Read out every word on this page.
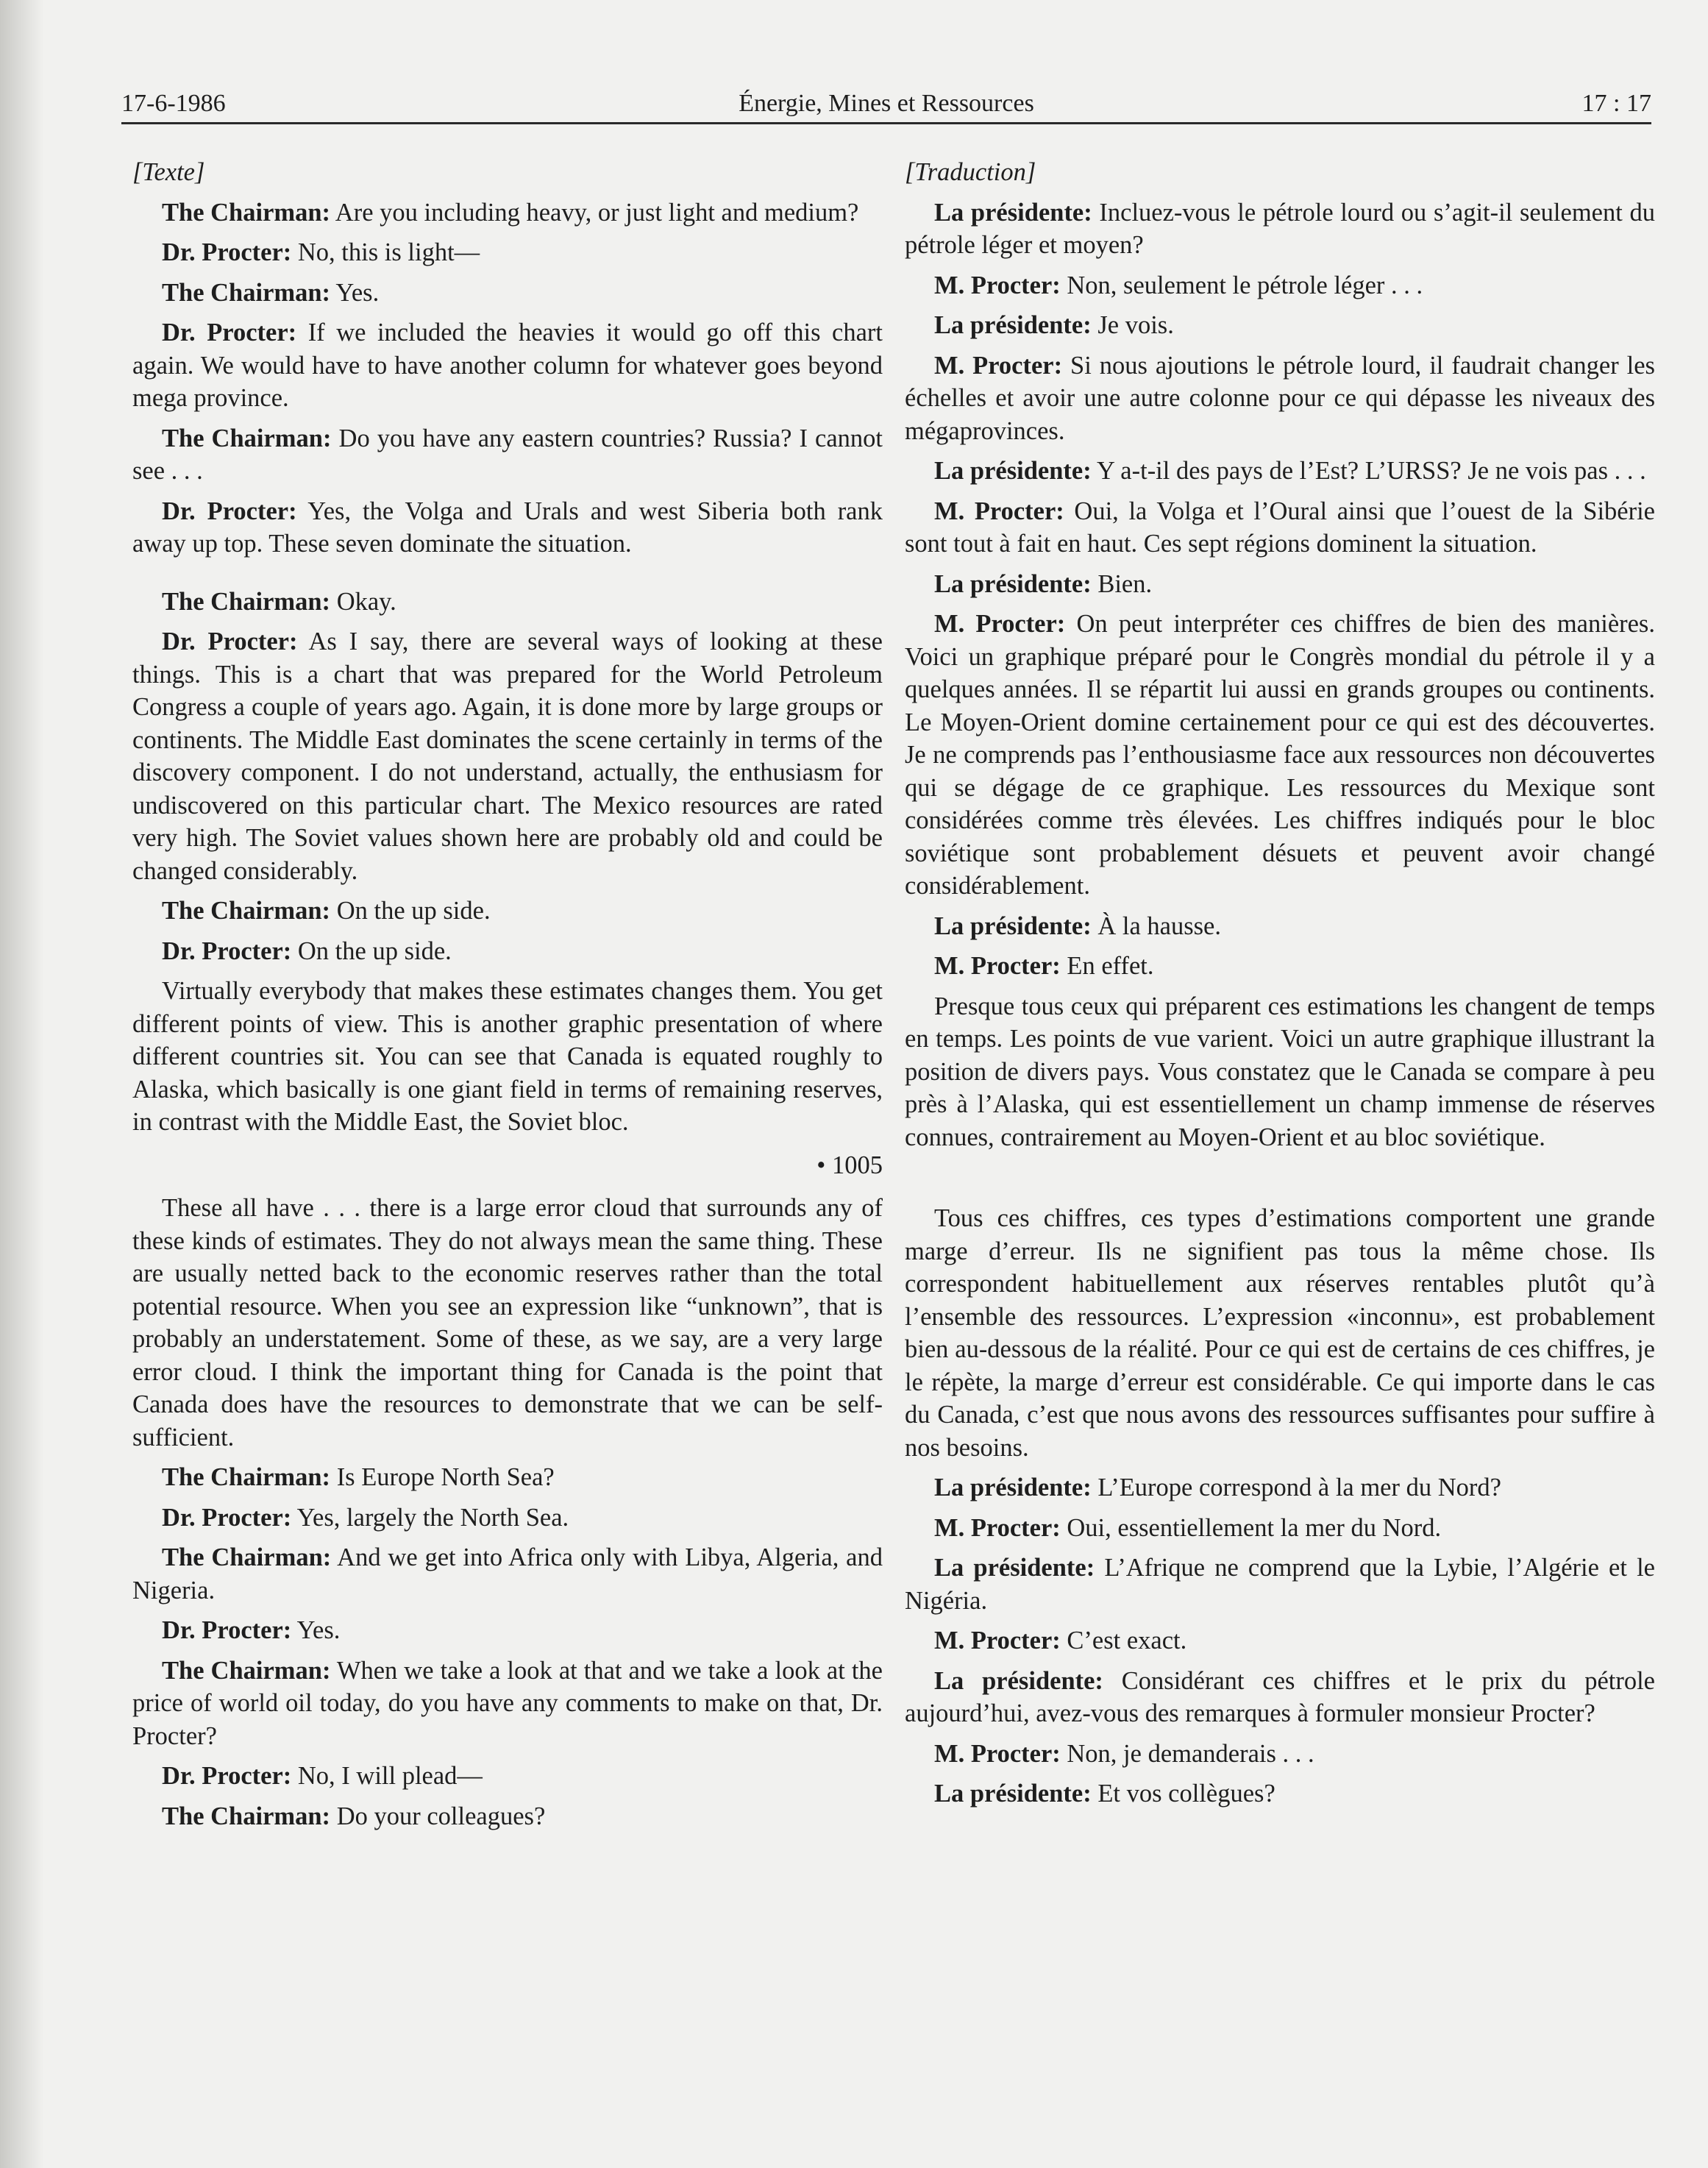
17-6-1986	Énergie, Mines et Ressources	17 : 17

[Texte]

The Chairman: Are you including heavy, or just light and medium?

Dr. Procter: No, this is light—

The Chairman: Yes.

Dr. Procter: If we included the heavies it would go off this chart again. We would have to have another column for whatever goes beyond mega province.

The Chairman: Do you have any eastern countries? Russia? I cannot see . . .

Dr. Procter: Yes, the Volga and Urals and west Siberia both rank away up top. These seven dominate the situation.

The Chairman: Okay.

Dr. Procter: As I say, there are several ways of looking at these things. This is a chart that was prepared for the World Petroleum Congress a couple of years ago. Again, it is done more by large groups or continents. The Middle East dominates the scene certainly in terms of the discovery component. I do not understand, actually, the enthusiasm for undiscovered on this particular chart. The Mexico resources are rated very high. The Soviet values shown here are probably old and could be changed considerably.

The Chairman: On the up side.

Dr. Procter: On the up side.

Virtually everybody that makes these estimates changes them. You get different points of view. This is another graphic presentation of where different countries sit. You can see that Canada is equated roughly to Alaska, which basically is one giant field in terms of remaining reserves, in contrast with the Middle East, the Soviet bloc.

• 1005

These all have . . . there is a large error cloud that surrounds any of these kinds of estimates. They do not always mean the same thing. These are usually netted back to the economic reserves rather than the total potential resource. When you see an expression like “unknown”, that is probably an understatement. Some of these, as we say, are a very large error cloud. I think the important thing for Canada is the point that Canada does have the resources to demonstrate that we can be self-sufficient.

The Chairman: Is Europe North Sea?

Dr. Procter: Yes, largely the North Sea.

The Chairman: And we get into Africa only with Libya, Algeria, and Nigeria.

Dr. Procter: Yes.

The Chairman: When we take a look at that and we take a look at the price of world oil today, do you have any comments to make on that, Dr. Procter?

Dr. Procter: No, I will plead—

The Chairman: Do your colleagues?

[Traduction]

La présidente: Incluez-vous le pétrole lourd ou s’agit-il seulement du pétrole léger et moyen?

M. Procter: Non, seulement le pétrole léger . . .

La présidente: Je vois.

M. Procter: Si nous ajoutions le pétrole lourd, il faudrait changer les échelles et avoir une autre colonne pour ce qui dépasse les niveaux des mégaprovinces.

La présidente: Y a-t-il des pays de l’Est? L’URSS? Je ne vois pas . . .

M. Procter: Oui, la Volga et l’Oural ainsi que l’ouest de la Sibérie sont tout à fait en haut. Ces sept régions dominent la situation.

La présidente: Bien.

M. Procter: On peut interpréter ces chiffres de bien des manières. Voici un graphique préparé pour le Congrès mondial du pétrole il y a quelques années. Il se répartit lui aussi en grands groupes ou continents. Le Moyen-Orient domine certainement pour ce qui est des découvertes. Je ne comprends pas l’enthousiasme face aux ressources non découvertes qui se dégage de ce graphique. Les ressources du Mexique sont considérées comme très élevées. Les chiffres indiqués pour le bloc soviétique sont probablement désuets et peuvent avoir changé considérablement.

La présidente: À la hausse.

M. Procter: En effet.

Presque tous ceux qui préparent ces estimations les changent de temps en temps. Les points de vue varient. Voici un autre graphique illustrant la position de divers pays. Vous constatez que le Canada se compare à peu près à l’Alaska, qui est essentiellement un champ immense de réserves connues, contrairement au Moyen-Orient et au bloc soviétique.

Tous ces chiffres, ces types d’estimations comportent une grande marge d’erreur. Ils ne signifient pas tous la même chose. Ils correspondent habituellement aux réserves rentables plutôt qu’à l’ensemble des ressources. L’expression «inconnu», est probablement bien au-dessous de la réalité. Pour ce qui est de certains de ces chiffres, je le répète, la marge d’erreur est considérable. Ce qui importe dans le cas du Canada, c’est que nous avons des ressources suffisantes pour suffire à nos besoins.

La présidente: L’Europe correspond à la mer du Nord?

M. Procter: Oui, essentiellement la mer du Nord.

La présidente: L’Afrique ne comprend que la Lybie, l’Algérie et le Nigéria.

M. Procter: C’est exact.

La présidente: Considérant ces chiffres et le prix du pétrole aujourd’hui, avez-vous des remarques à formuler monsieur Procter?

M. Procter: Non, je demanderais . . .

La présidente: Et vos collègues?
